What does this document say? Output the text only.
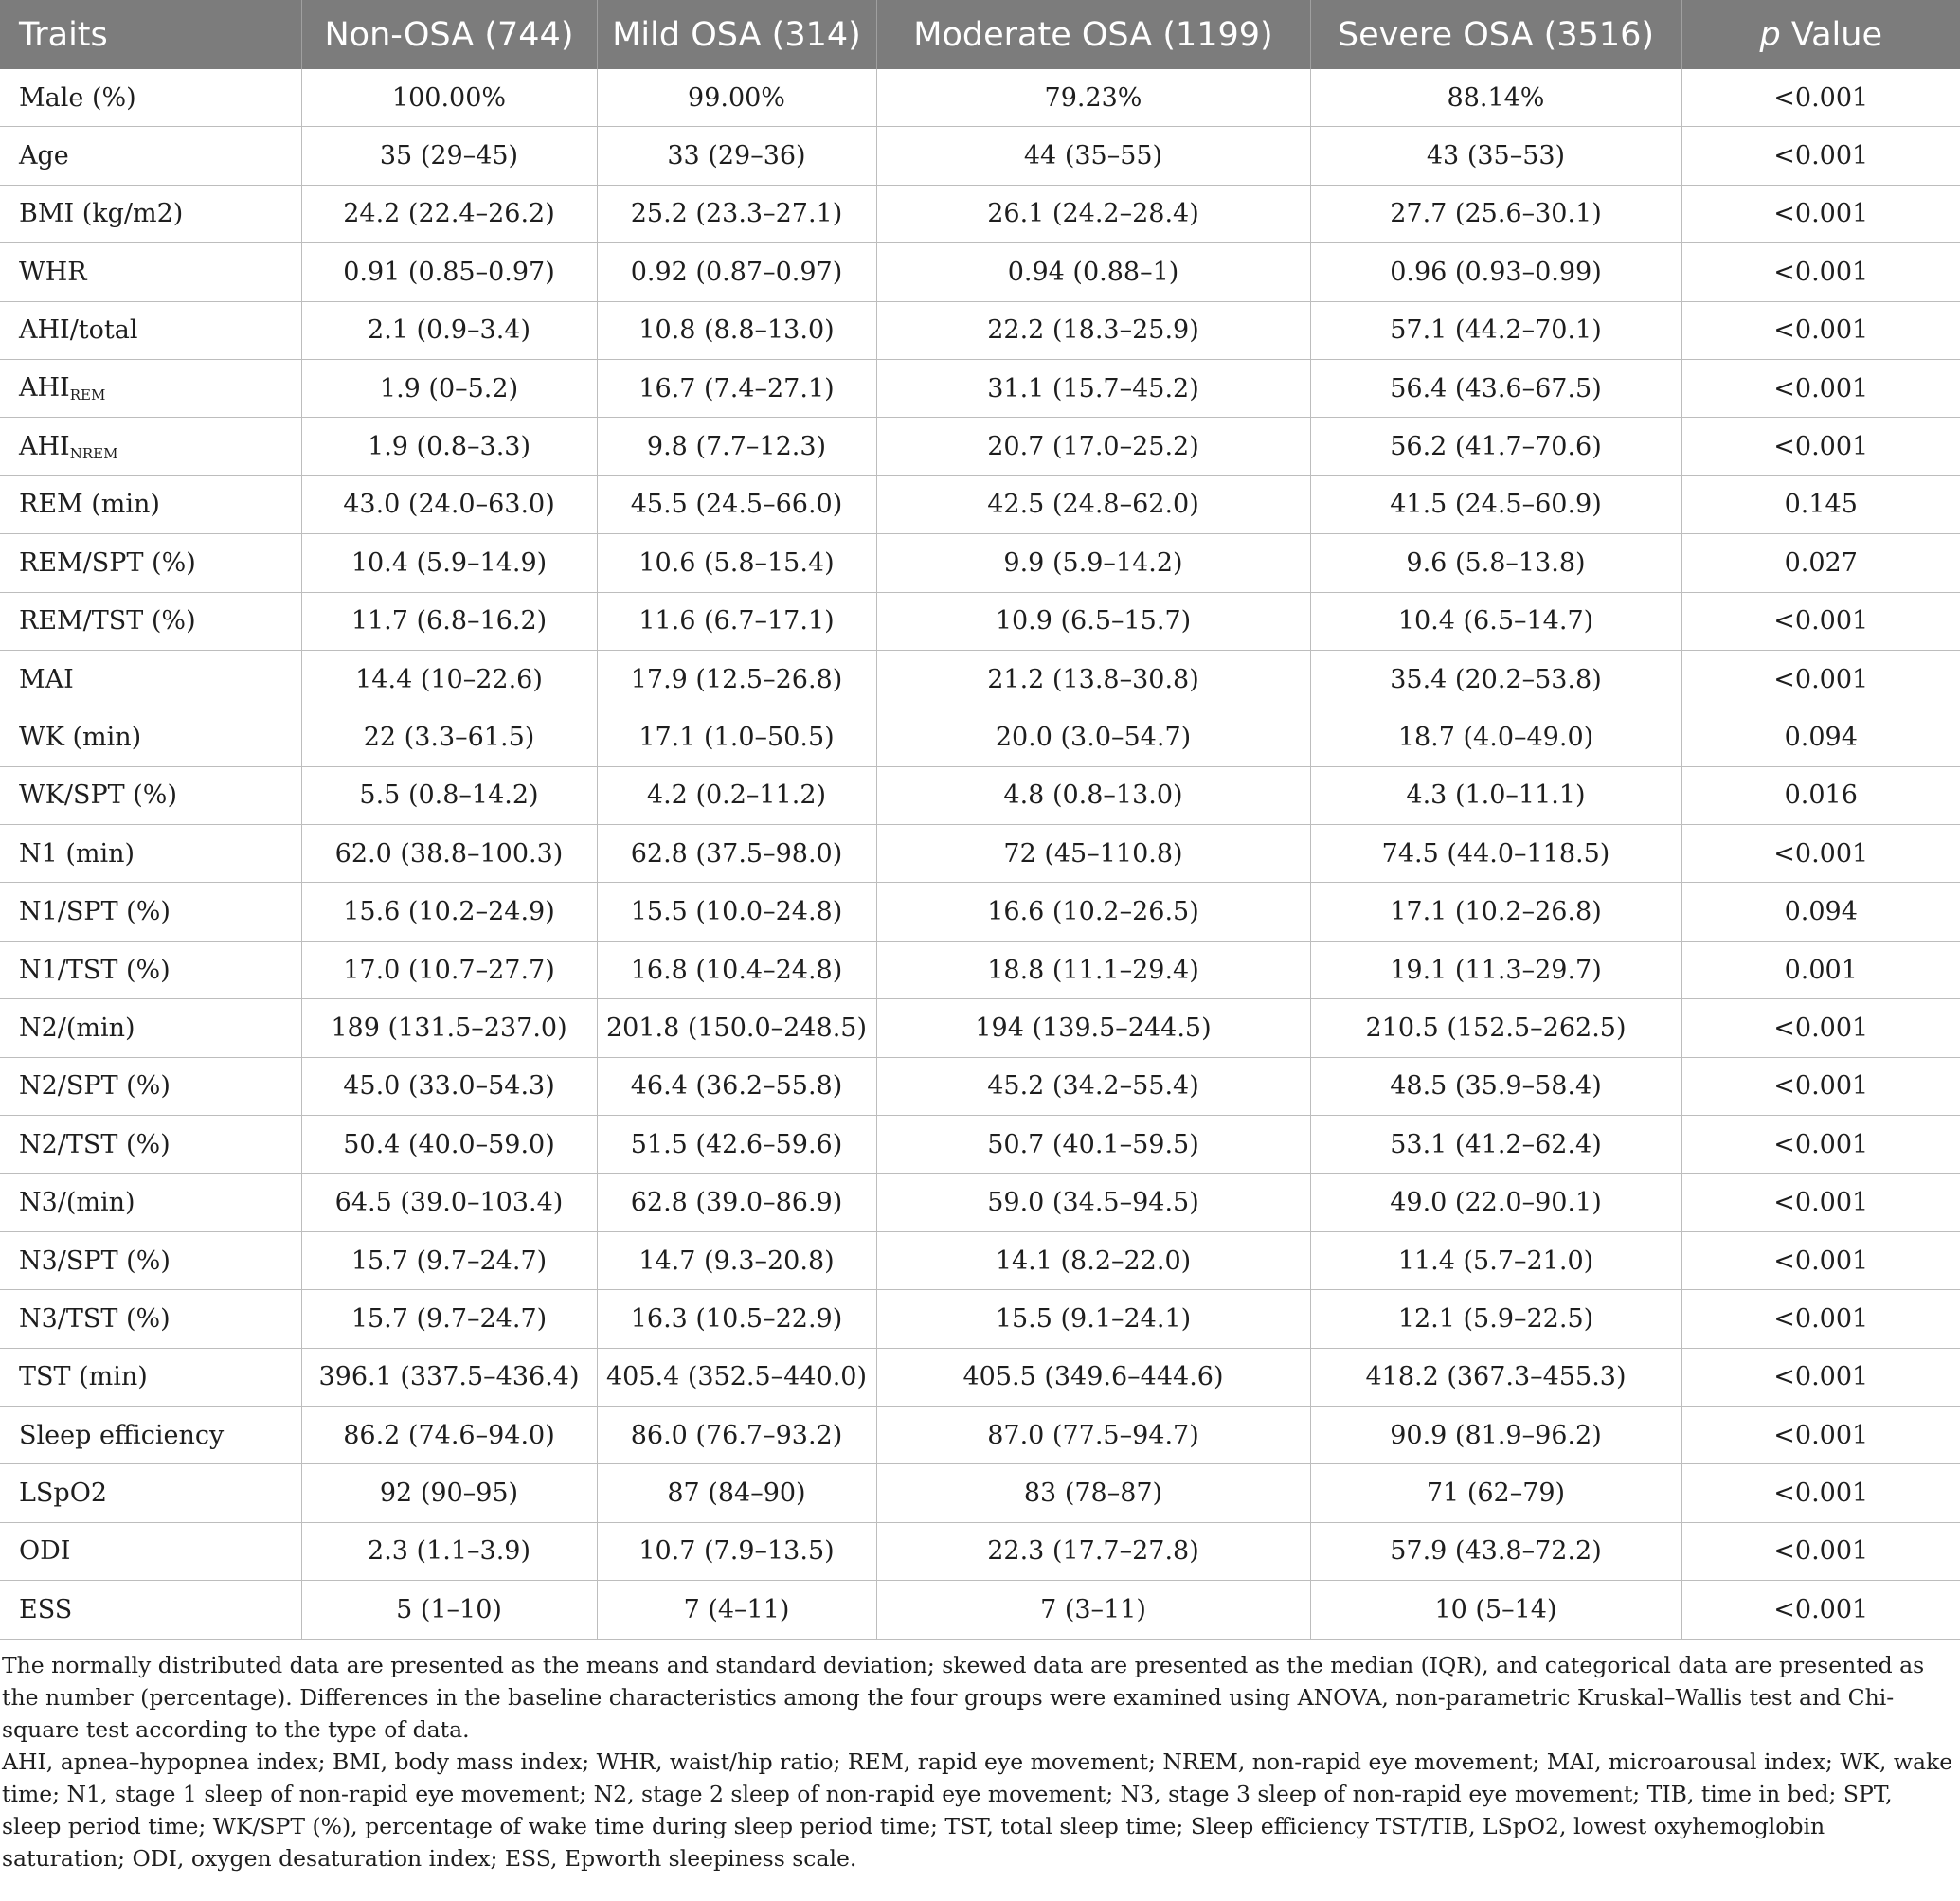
Traits	Non-OSA (744)	Mild OSA (314)	Moderate OSA (1199)	Severe OSA (3516)	p Value
Male (%)	100.00%	99.00%	79.23%	88.14%	<0.001
Age	35 (29–45)	33 (29–36)	44 (35–55)	43 (35–53)	<0.001
BMI (kg/m2)	24.2 (22.4–26.2)	25.2 (23.3–27.1)	26.1 (24.2–28.4)	27.7 (25.6–30.1)	<0.001
WHR	0.91 (0.85–0.97)	0.92 (0.87–0.97)	0.94 (0.88–1)	0.96 (0.93–0.99)	<0.001
AHI/total	2.1 (0.9–3.4)	10.8 (8.8–13.0)	22.2 (18.3–25.9)	57.1 (44.2–70.1)	<0.001
$AHI_{REM}$	1.9 (0–5.2)	16.7 (7.4–27.1)	31.1 (15.7–45.2)	56.4 (43.6–67.5)	<0.001
$AHI_{NREM}$	1.9 (0.8–3.3)	9.8 (7.7–12.3)	20.7 (17.0–25.2)	56.2 (41.7–70.6)	<0.001
REM (min)	43.0 (24.0–63.0)	45.5 (24.5–66.0)	42.5 (24.8–62.0)	41.5 (24.5–60.9)	0.145
REM/SPT (%)	10.4 (5.9–14.9)	10.6 (5.8–15.4)	9.9 (5.9–14.2)	9.6 (5.8–13.8)	0.027
REM/TST (%)	11.7 (6.8–16.2)	11.6 (6.7–17.1)	10.9 (6.5–15.7)	10.4 (6.5–14.7)	<0.001
MAI	14.4 (10–22.6)	17.9 (12.5–26.8)	21.2 (13.8–30.8)	35.4 (20.2–53.8)	<0.001
WK (min)	22 (3.3–61.5)	17.1 (1.0–50.5)	20.0 (3.0–54.7)	18.7 (4.0–49.0)	0.094
WK/SPT (%)	5.5 (0.8–14.2)	4.2 (0.2–11.2)	4.8 (0.8–13.0)	4.3 (1.0–11.1)	0.016
N1 (min)	62.0 (38.8–100.3)	62.8 (37.5–98.0)	72 (45–110.8)	74.5 (44.0–118.5)	<0.001
N1/SPT (%)	15.6 (10.2–24.9)	15.5 (10.0–24.8)	16.6 (10.2–26.5)	17.1 (10.2–26.8)	0.094
N1/TST (%)	17.0 (10.7–27.7)	16.8 (10.4–24.8)	18.8 (11.1–29.4)	19.1 (11.3–29.7)	0.001
N2/(min)	189 (131.5–237.0)	201.8 (150.0–248.5)	194 (139.5–244.5)	210.5 (152.5–262.5)	<0.001
N2/SPT (%)	45.0 (33.0–54.3)	46.4 (36.2–55.8)	45.2 (34.2–55.4)	48.5 (35.9–58.4)	<0.001
N2/TST (%)	50.4 (40.0–59.0)	51.5 (42.6–59.6)	50.7 (40.1–59.5)	53.1 (41.2–62.4)	<0.001
N3/(min)	64.5 (39.0–103.4)	62.8 (39.0–86.9)	59.0 (34.5–94.5)	49.0 (22.0–90.1)	<0.001
N3/SPT (%)	15.7 (9.7–24.7)	14.7 (9.3–20.8)	14.1 (8.2–22.0)	11.4 (5.7–21.0)	<0.001
N3/TST (%)	15.7 (9.7–24.7)	16.3 (10.5–22.9)	15.5 (9.1–24.1)	12.1 (5.9–22.5)	<0.001
TST (min)	396.1 (337.5–436.4)	405.4 (352.5–440.0)	405.5 (349.6–444.6)	418.2 (367.3–455.3)	<0.001
Sleep efficiency	86.2 (74.6–94.0)	86.0 (76.7–93.2)	87.0 (77.5–94.7)	90.9 (81.9–96.2)	<0.001
LSpO2	92 (90–95)	87 (84–90)	83 (78–87)	71 (62–79)	<0.001
ODI	2.3 (1.1–3.9)	10.7 (7.9–13.5)	22.3 (17.7–27.8)	57.9 (43.8–72.2)	<0.001
ESS	5 (1–10)	7 (4–11)	7 (3–11)	10 (5–14)	<0.001

The normally distributed data are presented as the means and standard deviation; skewed data are presented as the median (IQR), and categorical data are presented as the number (percentage). Differences in the baseline characteristics among the four groups were examined using ANOVA, non-parametric Kruskal–Wallis test and Chi-square test according to the type of data.

AHI, apnea–hypopnea index; BMI, body mass index; WHR, waist/hip ratio; REM, rapid eye movement; NREM, non-rapid eye movement; MAI, microarousal index; WK, wake time; N1, stage 1 sleep of non-rapid eye movement; N2, stage 2 sleep of non-rapid eye movement; N3, stage 3 sleep of non-rapid eye movement; TIB, time in bed; SPT, sleep period time; WK/SPT (%), percentage of wake time during sleep period time; TST, total sleep time; Sleep efficiency TST/TIB, LSpO2, lowest oxyhemoglobin saturation; ODI, oxygen desaturation index; ESS, Epworth sleepiness scale.
